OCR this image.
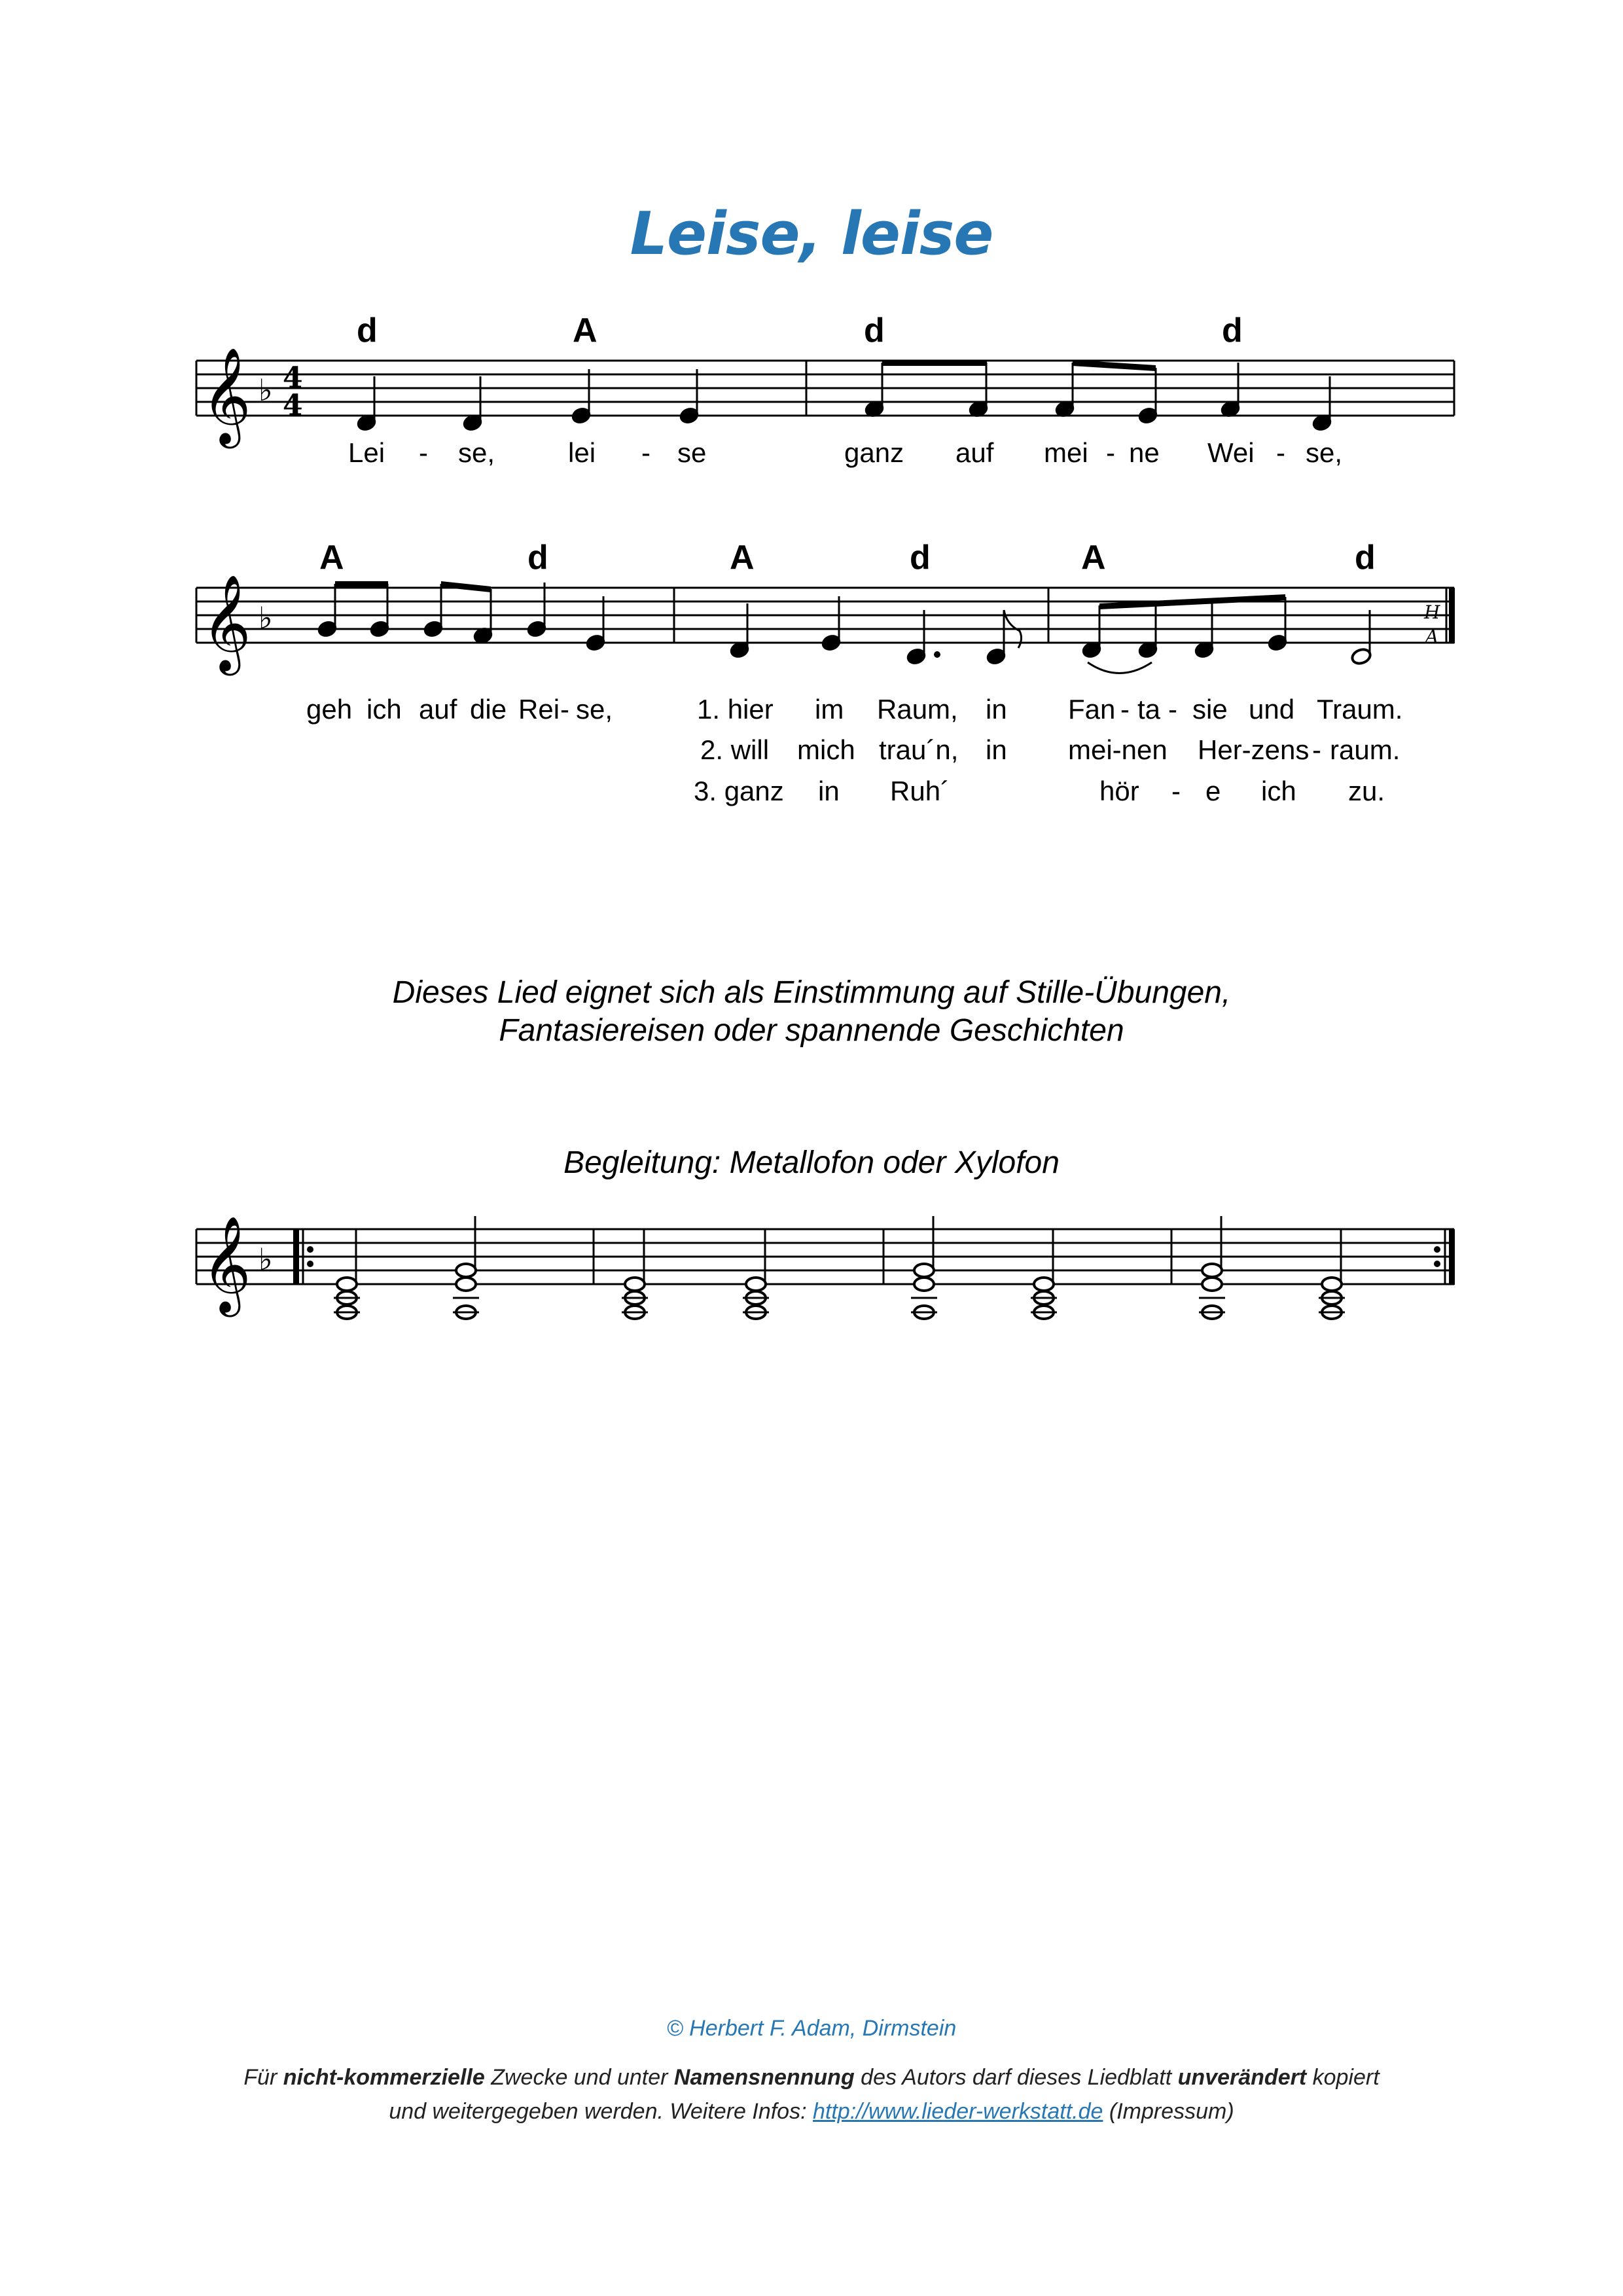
Leise, leise
d	A	d	d
𝄞
𝄞
𝄞
♭
♭
♭
4
4
H
A
Lei - se,	lei - se	ganz auf mei - ne Wei - se,
A	d	A	d	A	d
geh ich auf die Rei - se,	1. hier im Raum, in Fan - ta - sie und Traum.
2. will mich trau´n, in mei-nen Her-zens - raum.
3. ganz in Ruh´	hör - e ich zu.
Dieses Lied eignet sich als Einstimmung auf Stille-Übungen,
Fantasiereisen oder spannende Geschichten
Begleitung: Metallofon oder Xylofon
© Herbert F. Adam, Dirmstein
Für nicht-kommerzielle Zwecke und unter Namensnennung des Autors darf dieses Liedblatt unverändert kopiert
und weitergegeben werden. Weitere Infos: http://www.lieder-werkstatt.de (Impressum)
